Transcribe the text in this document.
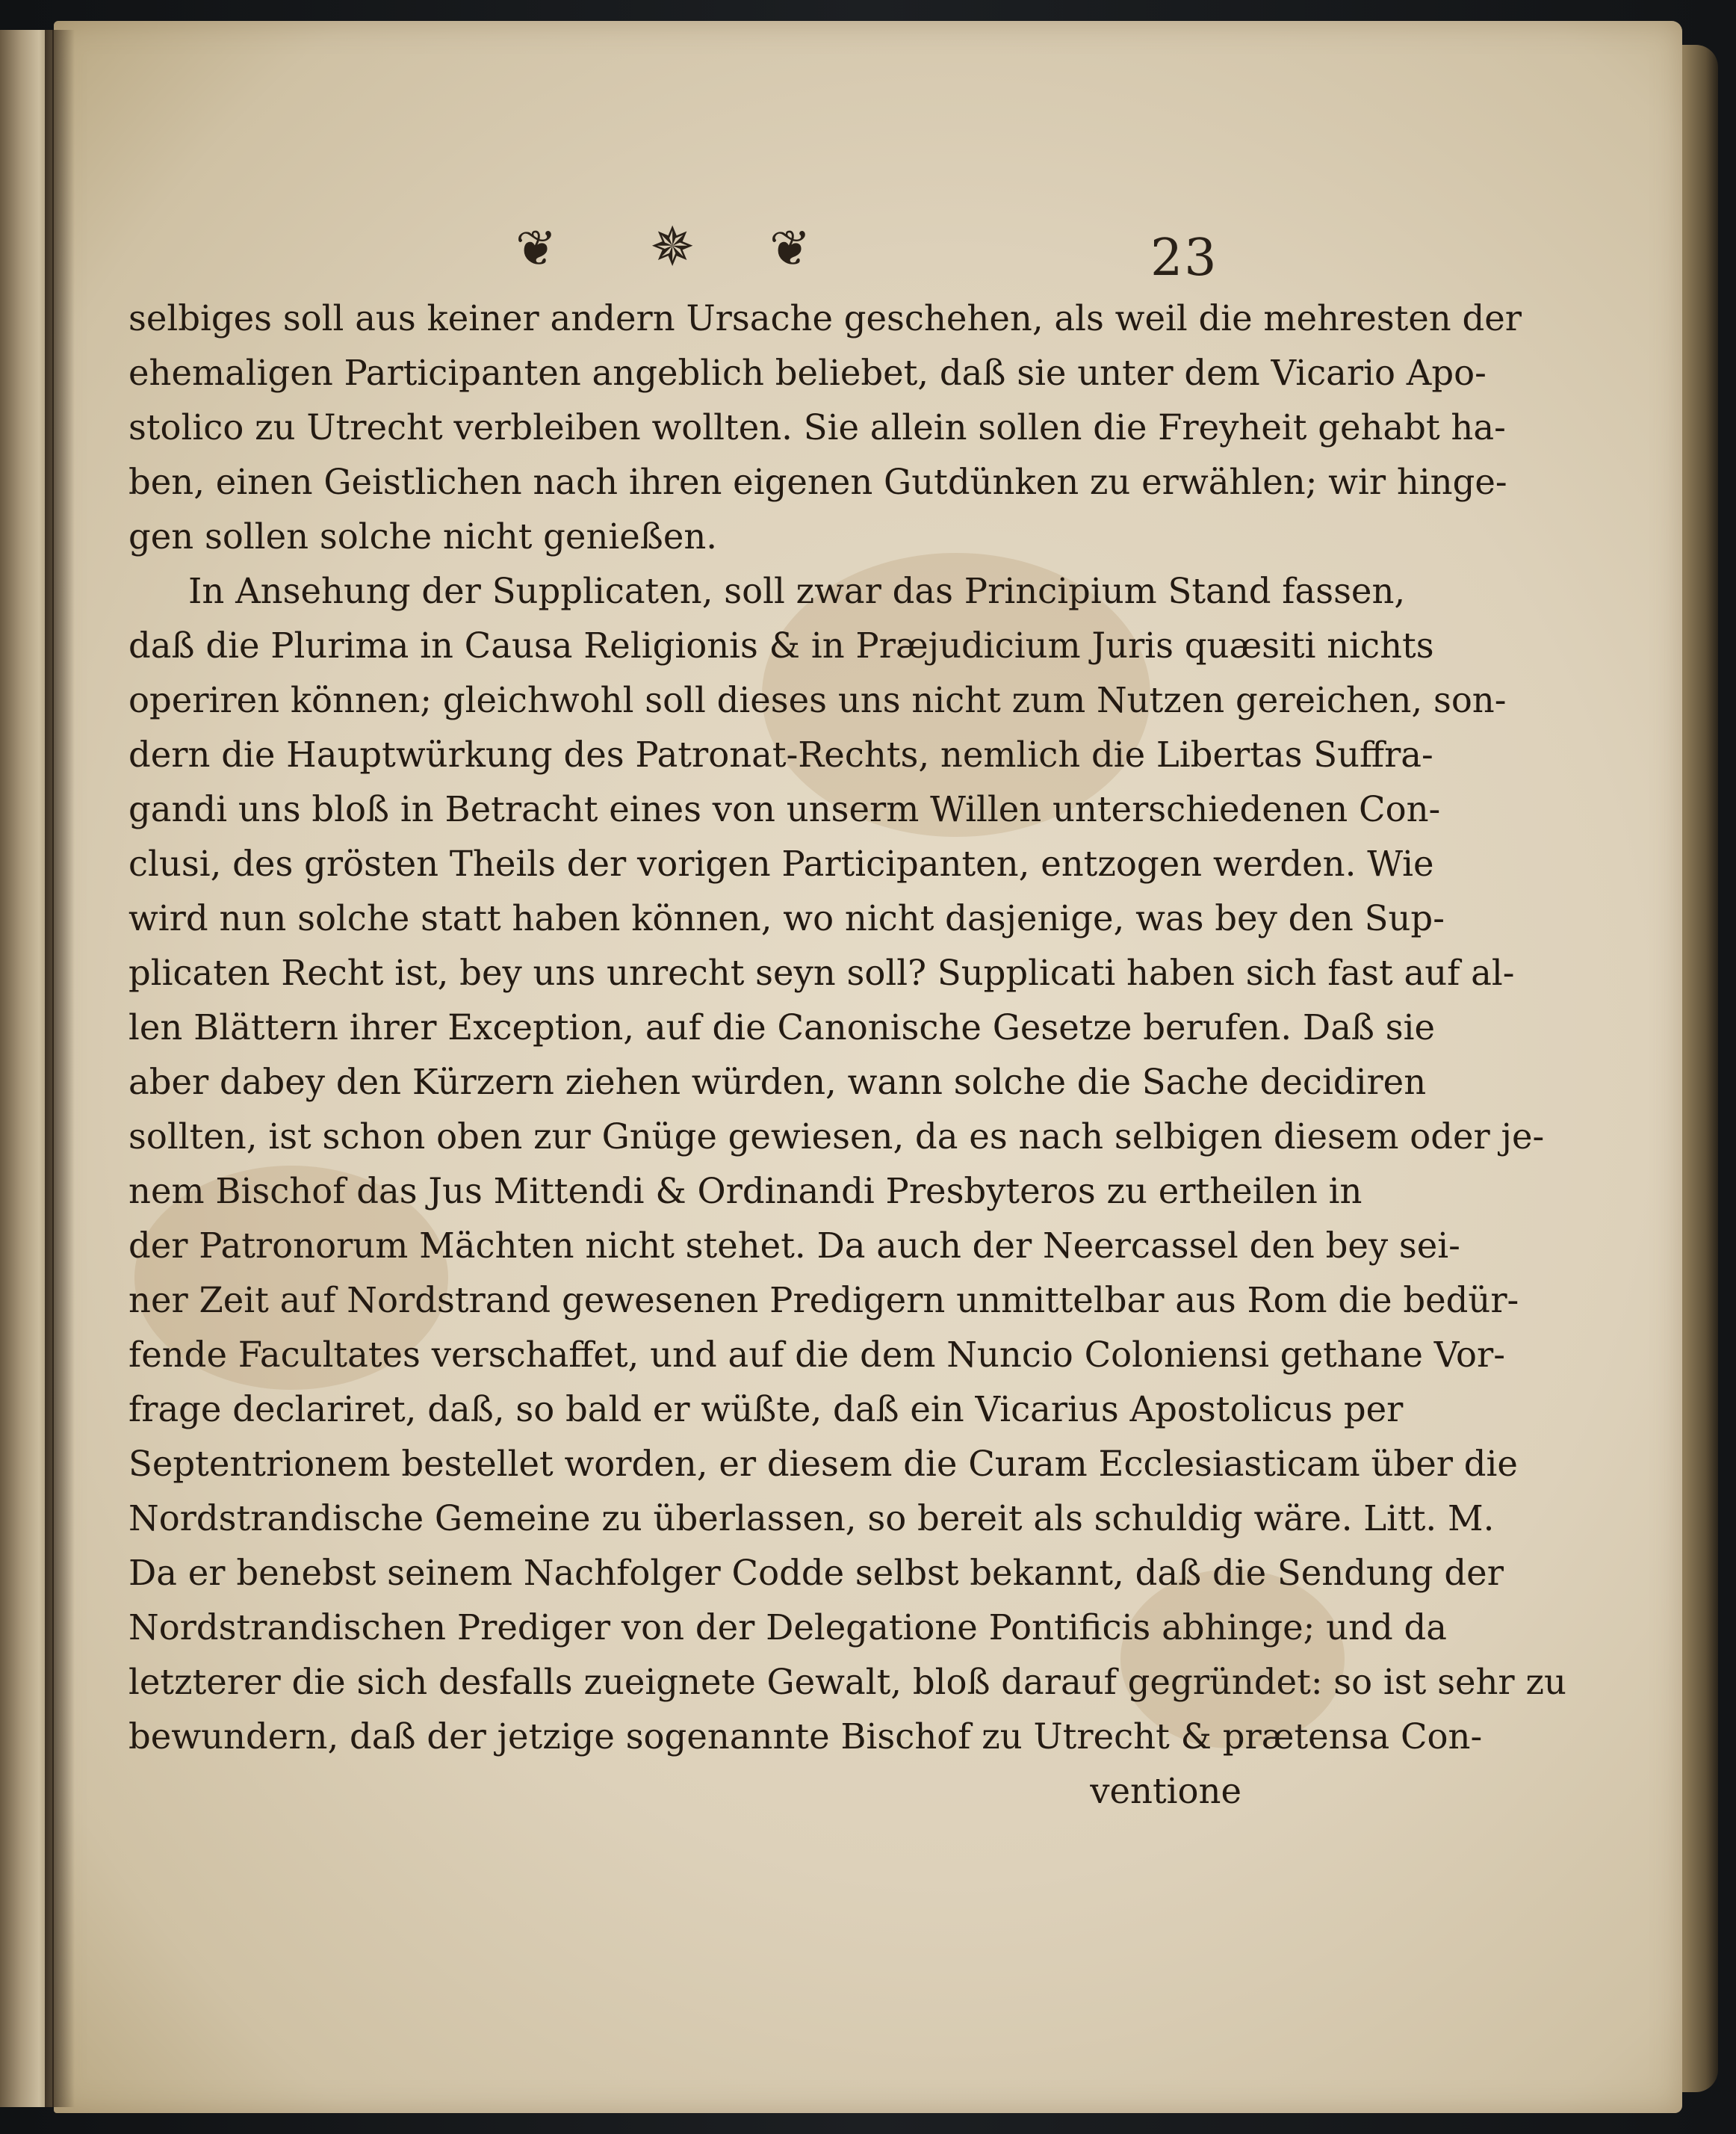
❦ ✵ ❦	23
selbiges soll aus keiner andern Ursache geschehen, als weil die mehresten der
ehemaligen Participanten angeblich beliebet, daß sie unter dem Vicario Apo-
stolico zu Utrecht verbleiben wollten. Sie allein sollen die Freyheit gehabt ha-
ben, einen Geistlichen nach ihren eigenen Gutdünken zu erwählen; wir hinge-
gen sollen solche nicht genießen.
In Ansehung der Supplicaten, soll zwar das Principium Stand fassen,
daß die Plurima in Causa Religionis & in Præjudicium Juris quæsiti nichts
operiren können; gleichwohl soll dieses uns nicht zum Nutzen gereichen, son-
dern die Hauptwürkung des Patronat-Rechts, nemlich die Libertas Suffra-
gandi uns bloß in Betracht eines von unserm Willen unterschiedenen Con-
clusi, des grösten Theils der vorigen Participanten, entzogen werden. Wie
wird nun solche statt haben können, wo nicht dasjenige, was bey den Sup-
plicaten Recht ist, bey uns unrecht seyn soll? Supplicati haben sich fast auf al-
len Blättern ihrer Exception, auf die Canonische Gesetze berufen. Daß sie
aber dabey den Kürzern ziehen würden, wann solche die Sache decidiren
sollten, ist schon oben zur Gnüge gewiesen, da es nach selbigen diesem oder je-
nem Bischof das Jus Mittendi & Ordinandi Presbyteros zu ertheilen in
der Patronorum Mächten nicht stehet. Da auch der Neercassel den bey sei-
ner Zeit auf Nordstrand gewesenen Predigern unmittelbar aus Rom die bedür-
fende Facultates verschaffet, und auf die dem Nuncio Coloniensi gethane Vor-
frage declariret, daß, so bald er wüßte, daß ein Vicarius Apostolicus per
Septentrionem bestellet worden, er diesem die Curam Ecclesiasticam über die
Nordstrandische Gemeine zu überlassen, so bereit als schuldig wäre. Litt. M.
Da er benebst seinem Nachfolger Codde selbst bekannt, daß die Sendung der
Nordstrandischen Prediger von der Delegatione Pontificis abhinge; und da
letzterer die sich desfalls zueignete Gewalt, bloß darauf gegründet: so ist sehr zu
bewundern, daß der jetzige sogenannte Bischof zu Utrecht & prætensa Con-
ventione
